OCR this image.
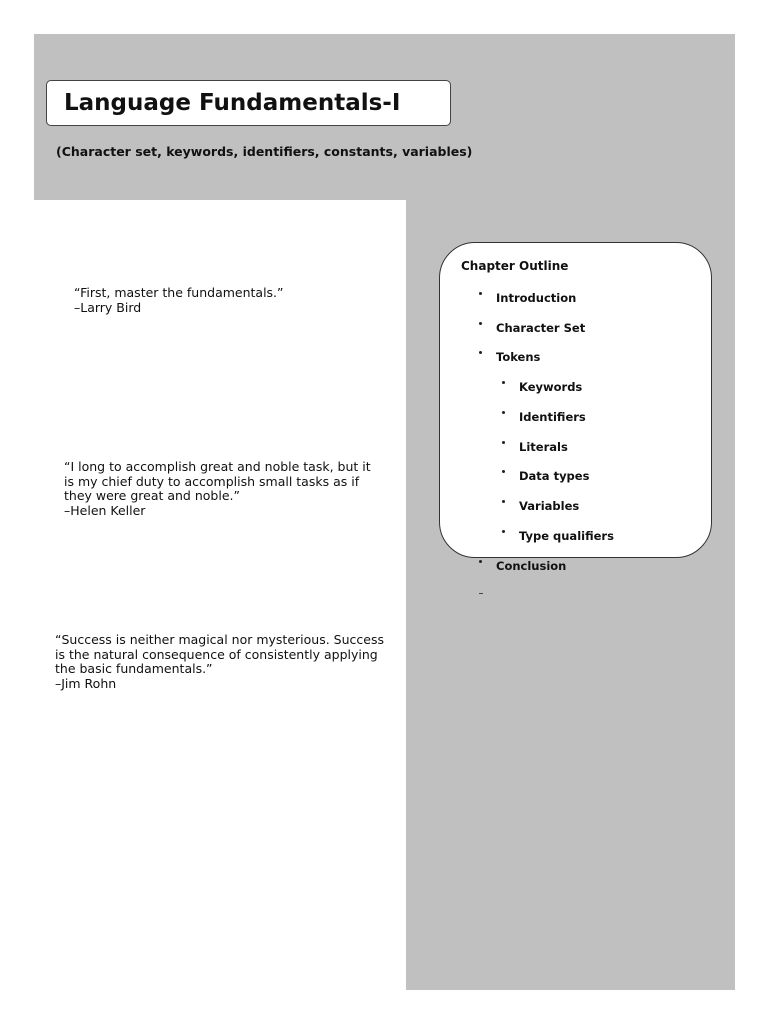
Language Fundamentals-I

(Character set, keywords, identifiers, constants, variables)

“First, master the fundamentals.”
–Larry Bird
“I long to accomplish great and noble task, but it
is my chief duty to accomplish small tasks as if
they were great and noble.”
–Helen Keller
“Success is neither magical nor mysterious. Success
is the natural consequence of consistently applying
the basic fundamentals.”
–Jim Rohn

Chapter Outline

Introduction
Character Set
Tokens
Keywords
Identifiers
Literals
Data types
Variables
Type qualifiers
Conclusion
